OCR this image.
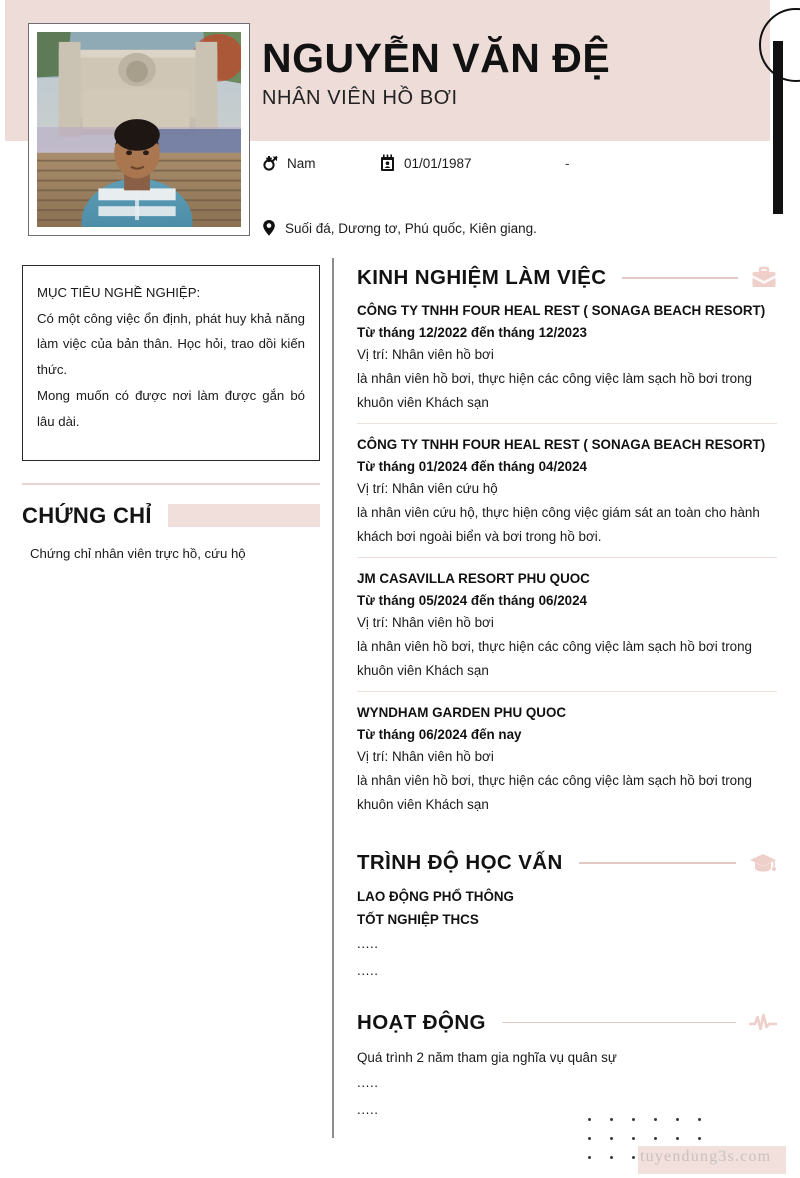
NGUYỄN VĂN ĐỆ
NHÂN VIÊN HỒ BƠI
Nam	01/01/1987	-
Suối đá, Dương tơ, Phú quốc, Kiên giang.
MỤC TIÊU NGHỀ NGHIỆP:
Có một công việc ổn định, phát huy khả năng làm việc của bản thân. Học hỏi, trao dồi kiến thức.
Mong muốn có được nơi làm được gắn bó lâu dài.
CHỨNG CHỈ
Chứng chỉ nhân viên trực hồ, cứu hộ
KINH NGHIỆM LÀM VIỆC
CÔNG TY TNHH FOUR HEAL REST ( SONAGA BEACH RESORT)
Từ tháng 12/2022 đến tháng 12/2023
Vị trí: Nhân viên hồ bơi
là nhân viên hồ bơi, thực hiện các công việc làm sạch hồ bơi trong khuôn viên Khách sạn
CÔNG TY TNHH FOUR HEAL REST ( SONAGA BEACH RESORT)
Từ tháng 01/2024 đến tháng 04/2024
Vị trí: Nhân viên cứu hộ
là nhân viên cứu hộ, thực hiện công việc giám sát an toàn cho hành khách bơi ngoài biển và bơi trong hồ bơi.
JM CASAVILLA RESORT PHU QUOC
Từ tháng 05/2024 đến tháng 06/2024
Vị trí: Nhân viên hồ bơi
là nhân viên hồ bơi, thực hiện các công việc làm sạch hồ bơi trong khuôn viên Khách sạn
WYNDHAM GARDEN PHU QUOC
Từ tháng 06/2024 đến nay
Vị trí: Nhân viên hồ bơi
là nhân viên hồ bơi, thực hiện các công việc làm sạch hồ bơi trong khuôn viên Khách sạn
TRÌNH ĐỘ HỌC VẤN
LAO ĐỘNG PHỔ THÔNG
TỐT NGHIỆP THCS
.....
.....
HOẠT ĐỘNG
Quá trình 2 năm tham gia nghĩa vụ quân sự
.....
.....
tuyendung3s.com
